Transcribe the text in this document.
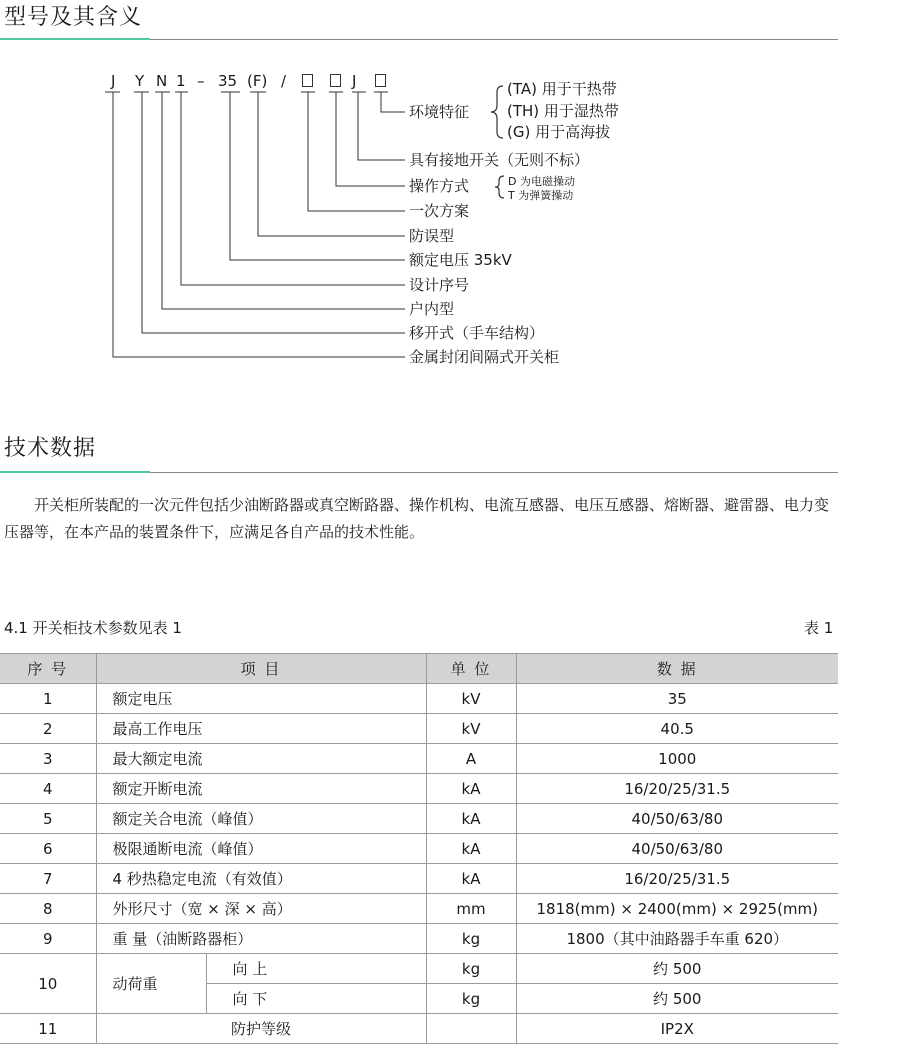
型号及其含义
J Y N 1 – 35 (F) /	J
环境特征
(TA) 用于干热带
(TH) 用于湿热带
(G) 用于高海拔
具有接地开关（无则不标）
操作方式	D 为电磁操动
T 为弹簧操动
一次方案
防误型
额定电压 35kV
设计序号
户内型
移开式（手车结构）
金属封闭间隔式开关柜
技术数据

开关柜所装配的一次元件包括少油断路器或真空断路器、操作机构、电流互感器、电压互感器、熔断器、避雷器、电力变压器等，在本产品的装置条件下，应满足各自产品的技术性能。

4.1 开关柜技术参数见表 1	表 1
序 号	项 目		单 位	数 据
1	额定电压		kV	35
2	最高工作电压		kV	40.5
3	最大额定电流		A	1000
4	额定开断电流		kA	16/20/25/31.5
5	额定关合电流（峰值）		kA	40/50/63/80
6	极限通断电流（峰值）		kA	40/50/63/80
7	4 秒热稳定电流（有效值）		kA	16/20/25/31.5
8	外形尺寸（宽 × 深 × 高）		mm	1818(mm) × 2400(mm) × 2925(mm)
9	重 量（油断路器柜）		kg	1800（其中油路器手车重 620）
10	动荷重	向 上	kg	约 500
		向 下	kg	约 500
11	防护等级			IP2X
